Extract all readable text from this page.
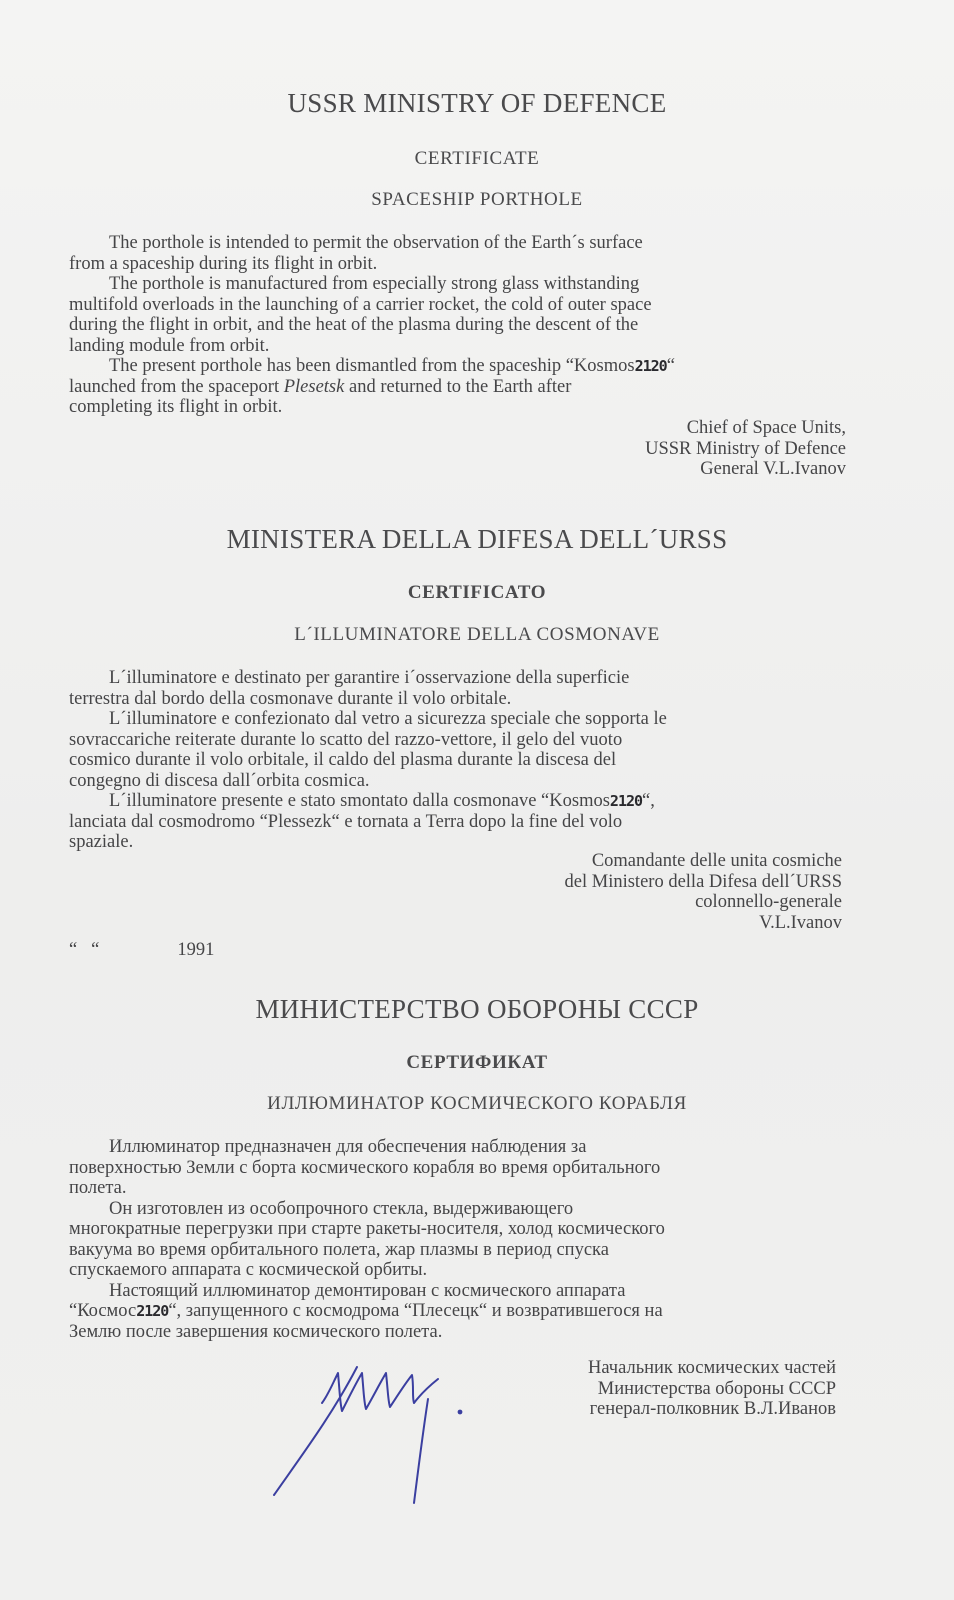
USSR MINISTRY OF DEFENCE
CERTIFICATE
SPACESHIP PORTHOLE
The porthole is intended to permit the observation of the Earth´s surface
from a spaceship during its flight in orbit.
The porthole is manufactured from especially strong glass withstanding
multifold overloads in the launching of a carrier rocket, the cold of outer space
during the flight in orbit, and the heat of the plasma during the descent of the
landing module from orbit.
The present porthole has been dismantled from the spaceship “Kosmos2120“
launched from the spaceport Plesetsk and returned to the Earth after
completing its flight in orbit.
Chief of Space Units,
USSR Ministry of Defence
General V.L.Ivanov
MINISTERA DELLA DIFESA DELL´URSS
CERTIFICATO
L´ILLUMINATORE DELLA COSMONAVE
L´illuminatore e destinato per garantire i´osservazione della superficie
terrestra dal bordo della cosmonave durante il volo orbitale.
L´illuminatore e confezionato dal vetro a sicurezza speciale che sopporta le
sovraccariche reiterate durante lo scatto del razzo-vettore, il gelo del vuoto
cosmico durante il volo orbitale, il caldo del plasma durante la discesa del
congegno di discesa dall´orbita cosmica.
L´illuminatore presente e stato smontato dalla cosmonave “Kosmos2120“,
lanciata dal cosmodromo “Plessezk“ e tornata a Terra dopo la fine del volo
spaziale.
Comandante delle unita cosmiche
del Ministero della Difesa dell´URSS
colonnello-generale
V.L.Ivanov
“   “	1991
МИНИСТЕРСТВО ОБОРОНЫ СССР
СЕРТИФИКАТ
ИЛЛЮМИНАТОР КОСМИЧЕСКОГО КОРАБЛЯ
Иллюминатор предназначен для обеспечения наблюдения за
поверхностью Земли с борта космического корабля во время орбитального
полета.
Он изготовлен из особопрочного стекла, выдерживающего
многократные перегрузки при старте ракеты-носителя, холод космического
вакуума во время орбитального полета, жар плазмы в период спуска
спускаемого аппарата с космической орбиты.
Настоящий иллюминатор демонтирован с космического аппарата
“Космос2120“, запущенного с космодрома “Плесецк“ и возвратившегося на
Землю после завершения космического полета.
Начальник космических частей
Министерства обороны СССР
генерал-полковник В.Л.Иванов
